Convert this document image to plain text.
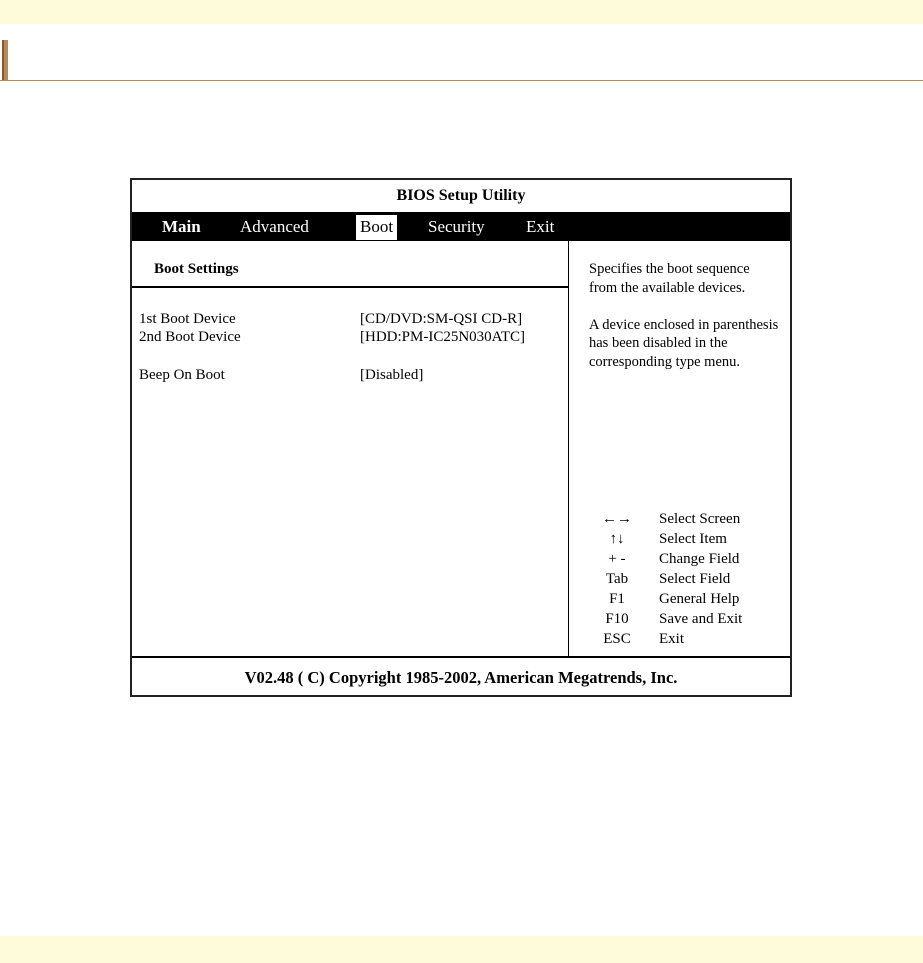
BIOS Setup Utility
Main Advanced	Boot Security Exit
Boot Settings
1st Boot Device	[CD/DVD:SM-QSI CD-R]
2nd Boot Device	[HDD:PM-IC25N030ATC]
Beep On Boot	[Disabled]

Specifies the boot sequence from the available devices.

A device enclosed in parenthesis has been disabled in the corresponding type menu.

←→	Select Screen
↑↓	Select Item
+ -	Change Field
Tab	Select Field
F1	General Help
F10	Save and Exit
ESC	Exit
V02.48 ( C) Copyright 1985-2002, American Megatrends, Inc.
